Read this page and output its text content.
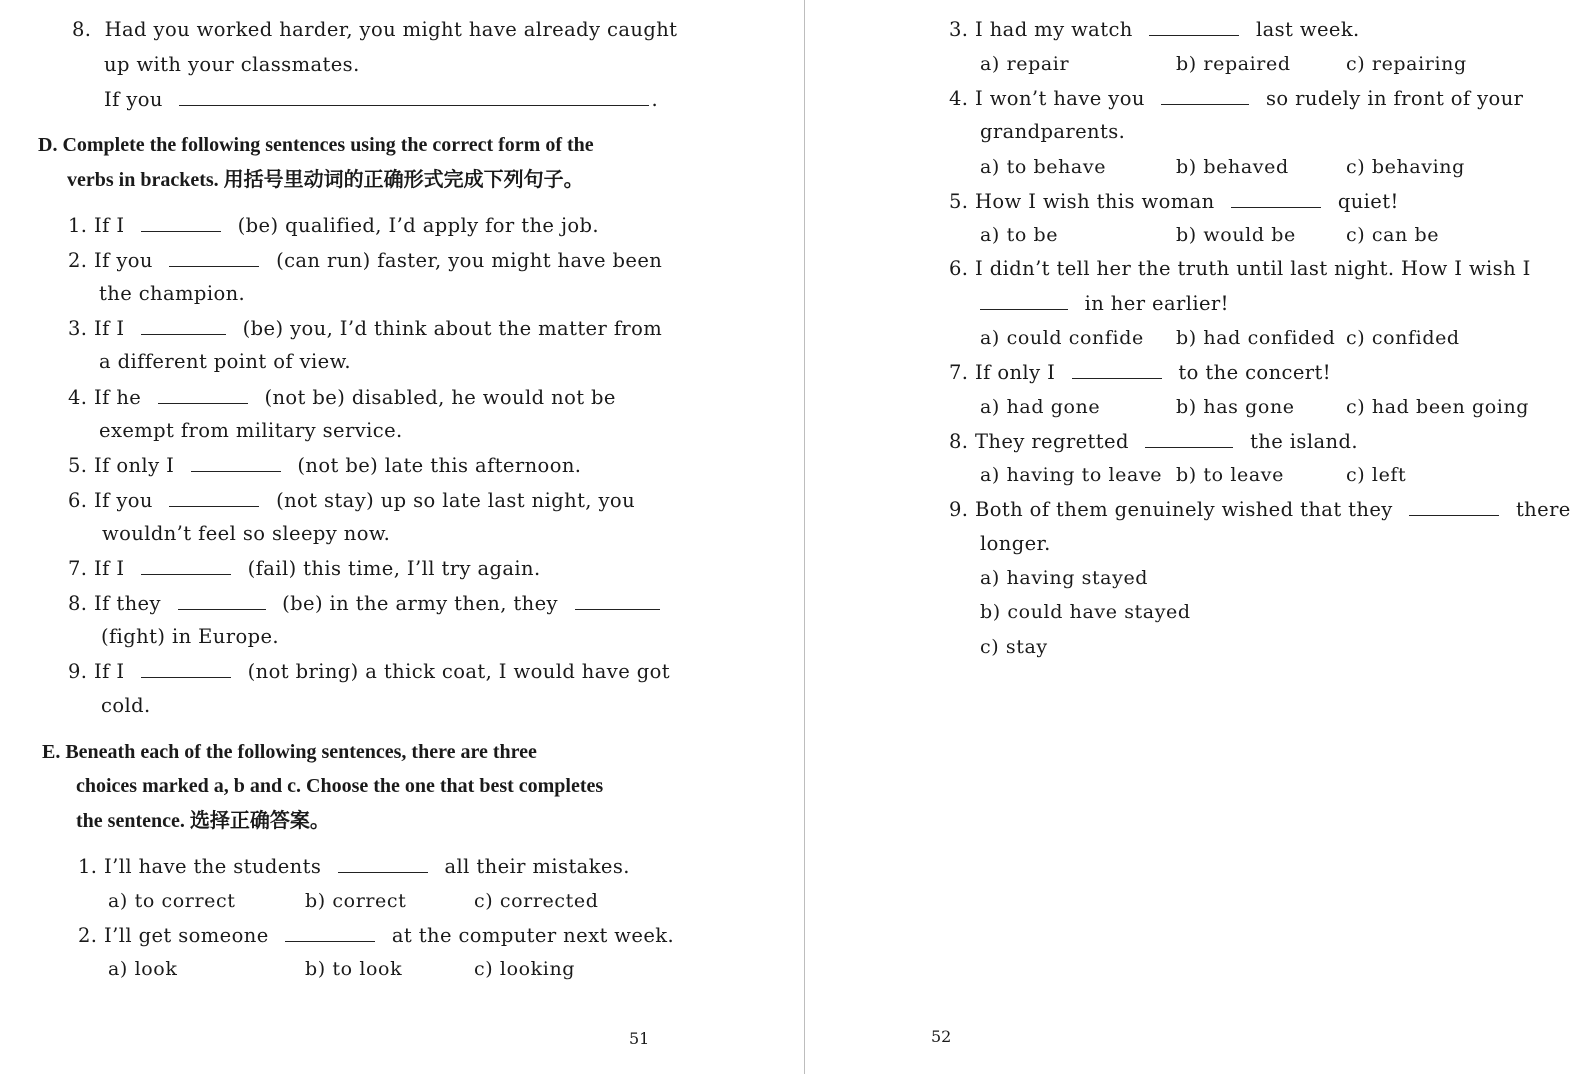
8. Had you worked harder, you might have already caught
up with your classmates.
If you	.
D. Complete the following sentences using the correct form of the
verbs in brackets. 用括号里动词的正确形式完成下列句子。
1. If I	(be) qualified, I’d apply for the job.
2. If you	(can run) faster, you might have been
the champion.
3. If I	(be) you, I’d think about the matter from
a different point of view.
4. If he	(not be) disabled, he would not be
exempt from military service.
5. If only I	(not be) late this afternoon.
6. If you	(not stay) up so late last night, you
wouldn’t feel so sleepy now.
7. If I	(fail) this time, I’ll try again.
8. If they	(be) in the army then, they
(fight) in Europe.
9. If I	(not bring) a thick coat, I would have got
cold.
E. Beneath each of the following sentences, there are three
choices marked a, b and c. Choose the one that best completes
the sentence. 选择正确答案。
1. I’ll have the students	all their mistakes.
a) to correct	b) correct	c) corrected
2. I’ll get someone	at the computer next week.
a) look	b) to look	c) looking
51
3. I had my watch	last week.
a) repair	b) repaired	c) repairing
4. I won’t have you	so rudely in front of your
grandparents.
a) to behave	b) behaved	c) behaving
5. How I wish this woman	quiet!
a) to be	b) would be	c) can be
6. I didn’t tell her the truth until last night. How I wish I
in her earlier!
a) could confide b) had confided c) confided
7. If only I	to the concert!
a) had gone	b) has gone	c) had been going
8. They regretted	the island.
a) having to leave b) to leave	c) left
9. Both of them genuinely wished that they	there
longer.
a) having stayed
b) could have stayed
c) stay
52
